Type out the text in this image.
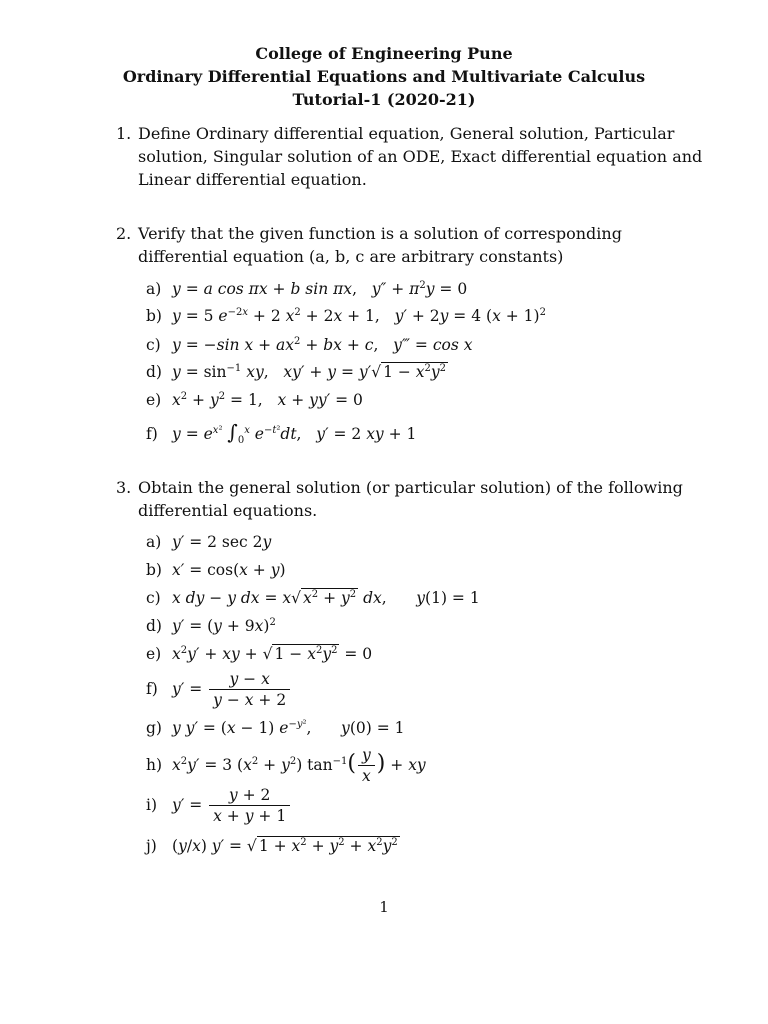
College of Engineering Pune
Ordinary Differential Equations and Multivariate Calculus
Tutorial-1 (2020-21)
1. Define Ordinary differential equation, General solution, Particular solution, Singular solution of an ODE, Exact differential equation and Linear differential equation.
2. Verify that the given function is a solution of corresponding differential equation (a, b, c are arbitrary constants)
a) y = a cos πx + b sin πx,   $y'' + \pi^2y = 0$
b) y = 5 $e^{-2x} + 2$ $x^2 + 2x + 1$,   y′ + 2y = 4 $(x + 1)^2$
c) y = −sin $x + ax^2$ + bx + c,   y‴ = cos x
d) $y = \sin^{-1}$ xy,   xy′ + y = y′√ $1 - x^2y^2$
e) $x^2 + y^2 = 1$,   x + yy′ = 0
f) $y = e^{x^2}$ $\int_0^x$ $e^{-t^2}dt$,   y′ = 2 xy + 1
3. Obtain the general solution (or particular solution) of the following differential equations.
a) y′ = 2 sec 2y
b) x′ = cos(x + y)
c) x dy − y dx = x√ $x^2 + y^2$ dx,      y(1) = 1
d) $y' = (y + 9x)^2$
e) $x^2y'$ + xy + √ $1 - x^2y^2 = 0$
f) $y' = \frac{y - x}{y - x + 2}$
g) y y′ = (x − 1) $e^{-y^2}$,      y(0) = 1
h) $x^2y' = 3$ $(x^2 + y^2)$ $\tan^{-1}( \frac{y}{x}$ ) + xy
i) $y' = \frac{y + 2}{x + y + 1}$
j) (y/x) y′ = √ $1 + x^2 + y^2 + x^2y^2$
1
